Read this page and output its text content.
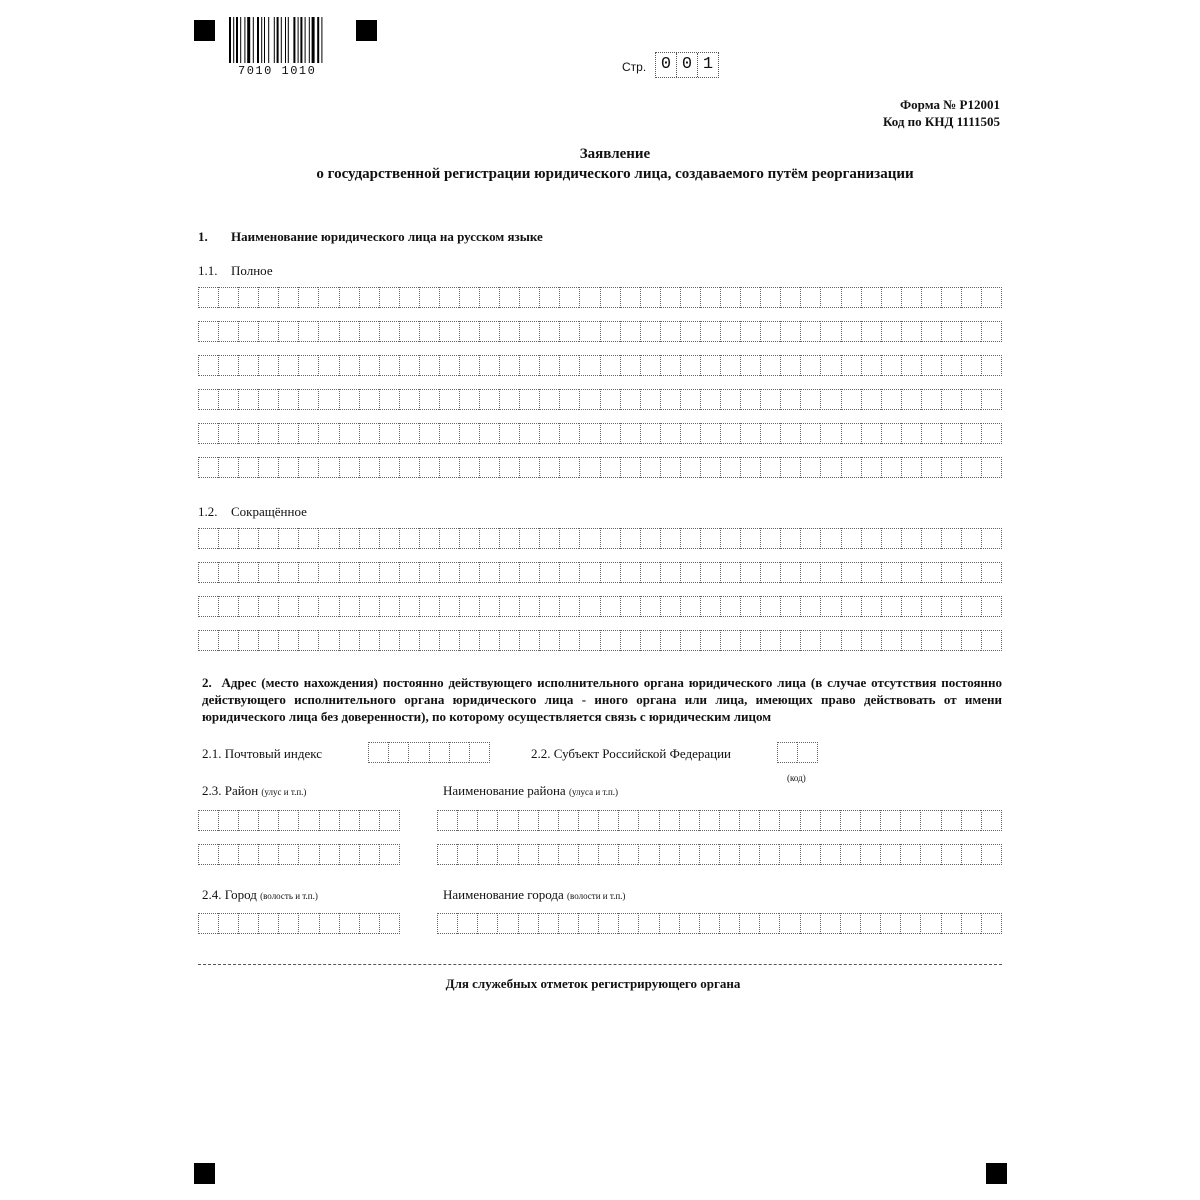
7010 1010	Стр. 0 0 1
Форма № Р12001
Код по КНД 1111505
Заявление
о государственной регистрации юридического лица, создаваемого путём реорганизации
1. Наименование юридического лица на русском языке
1.1. Полное
1.2. Сокращённое
2. Адрес (место нахождения) постоянно действующего исполнительного органа юридического лица (в случае отсутствия постоянно действующего исполнительного органа юридического лица - иного органа или лица, имеющих право действовать от имени юридического лица без доверенности), по которому осуществляется связь с юридическим лицом
2.1. Почтовый индекс	2.2. Субъект Российской Федерации
(код)
2.3. Район (улус и т.п.)	Наименование района (улуса и т.п.)
2.4. Город (волость и т.п.)	Наименование города (волости и т.п.)
Для служебных отметок регистрирующего органа
